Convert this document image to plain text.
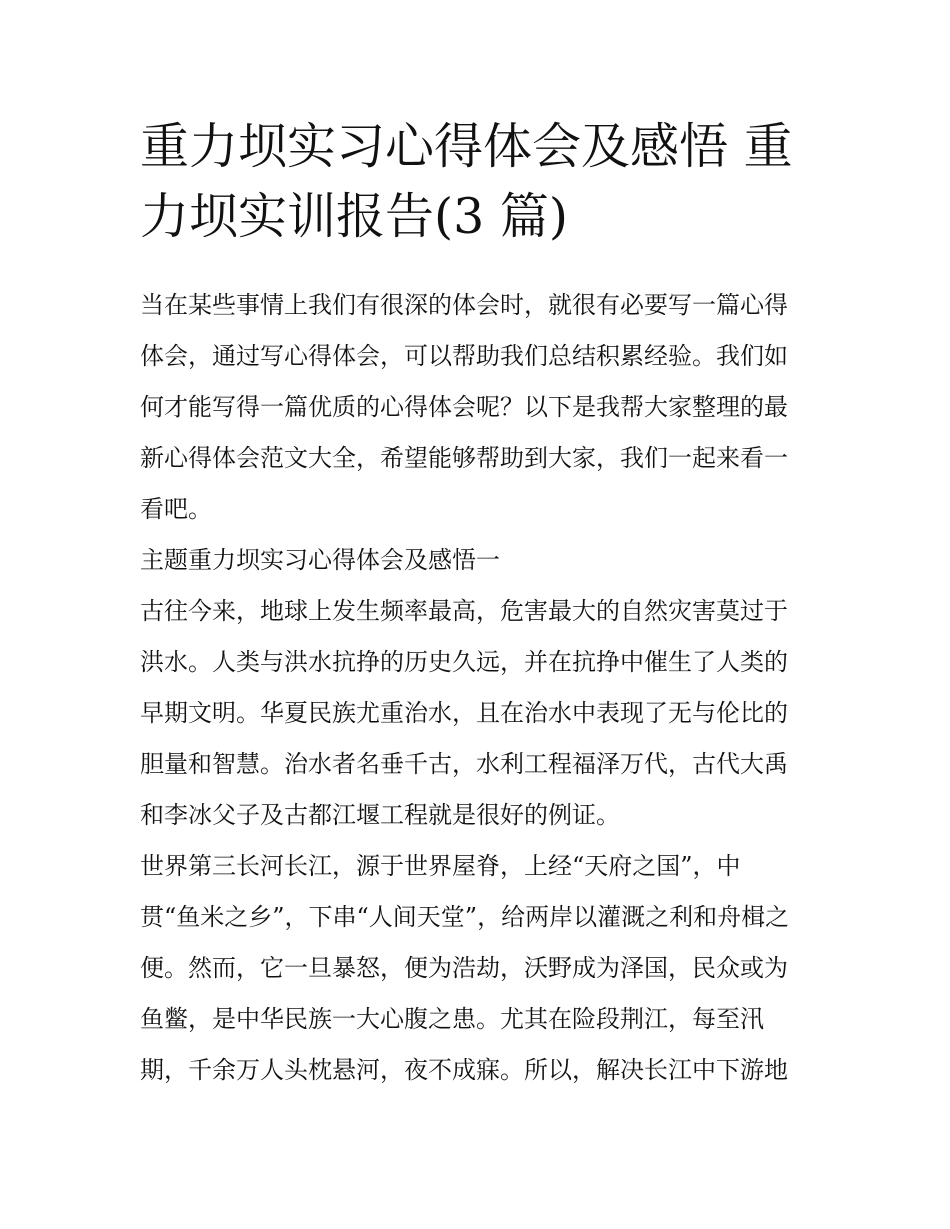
重力坝实习心得体会及感悟 重
力坝实训报告(3 篇)
当在某些事情上我们有很深的体会时，就很有必要写一篇心得
体会，通过写心得体会，可以帮助我们总结积累经验。我们如
何才能写得一篇优质的心得体会呢？以下是我帮大家整理的最
新心得体会范文大全，希望能够帮助到大家，我们一起来看一
看吧。
主题重力坝实习心得体会及感悟一
古往今来，地球上发生频率最高，危害最大的自然灾害莫过于
洪水。人类与洪水抗挣的历史久远，并在抗挣中催生了人类的
早期文明。华夏民族尤重治水，且在治水中表现了无与伦比的
胆量和智慧。治水者名垂千古，水利工程福泽万代，古代大禹
和李冰父子及古都江堰工程就是很好的例证。
世界第三长河长江，源于世界屋脊，上经“天府之国”，中
贯“鱼米之乡”，下串“人间天堂”，给两岸以灌溉之利和舟楫之
便。然而，它一旦暴怒，便为浩劫，沃野成为泽国，民众或为
鱼鳖，是中华民族一大心腹之患。尤其在险段荆江，每至汛
期，千余万人头枕悬河，夜不成寐。所以，解决长江中下游地
